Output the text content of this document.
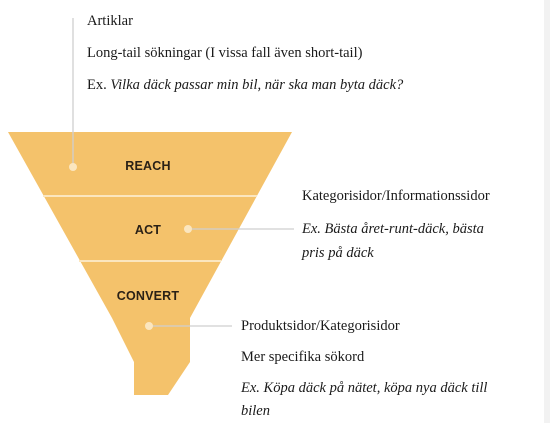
REACH
ACT
CONVERT
Artiklar
Long-tail sökningar (I vissa fall även short-tail)
Ex. Vilka däck passar min bil, när ska man byta däck?
Kategorisidor/Informationssidor
Ex. Bästa året-runt-däck, bästa
pris på däck
Produktsidor/Kategorisidor
Mer specifika sökord
Ex. Köpa däck på nätet, köpa nya däck till
bilen
